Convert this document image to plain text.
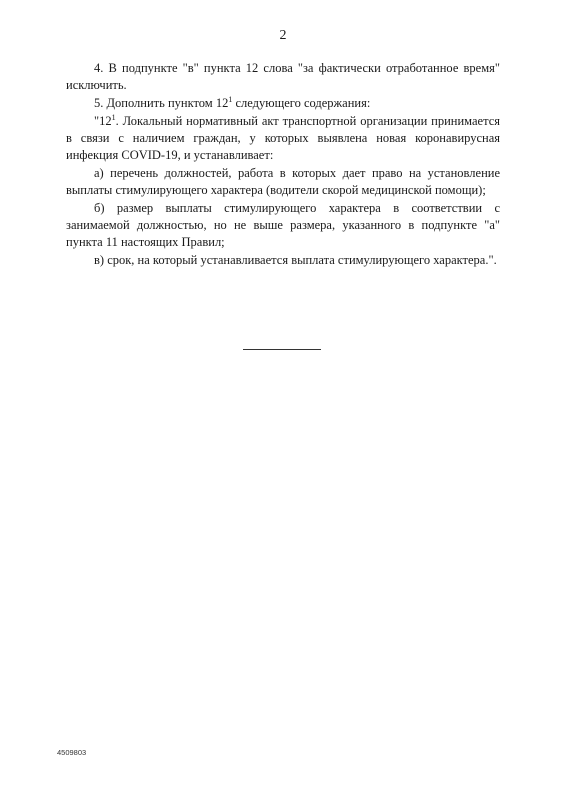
2

4. В подпункте "в" пункта 12 слова "за фактически отработанное время" исключить.

5. Дополнить пунктом $12^1$ следующего содержания:

"$12^1$. Локальный нормативный акт транспортной организации принимается в связи с наличием граждан, у которых выявлена новая коронавирусная инфекция COVID-19, и устанавливает:

а) перечень должностей, работа в которых дает право на установление выплаты стимулирующего характера (водители скорой медицинской помощи);

б) размер выплаты стимулирующего характера в соответствии с занимаемой должностью, но не выше размера, указанного в подпункте "а" пункта 11 настоящих Правил;

в) срок, на который устанавливается выплата стимулирующего характера.".

4509803
